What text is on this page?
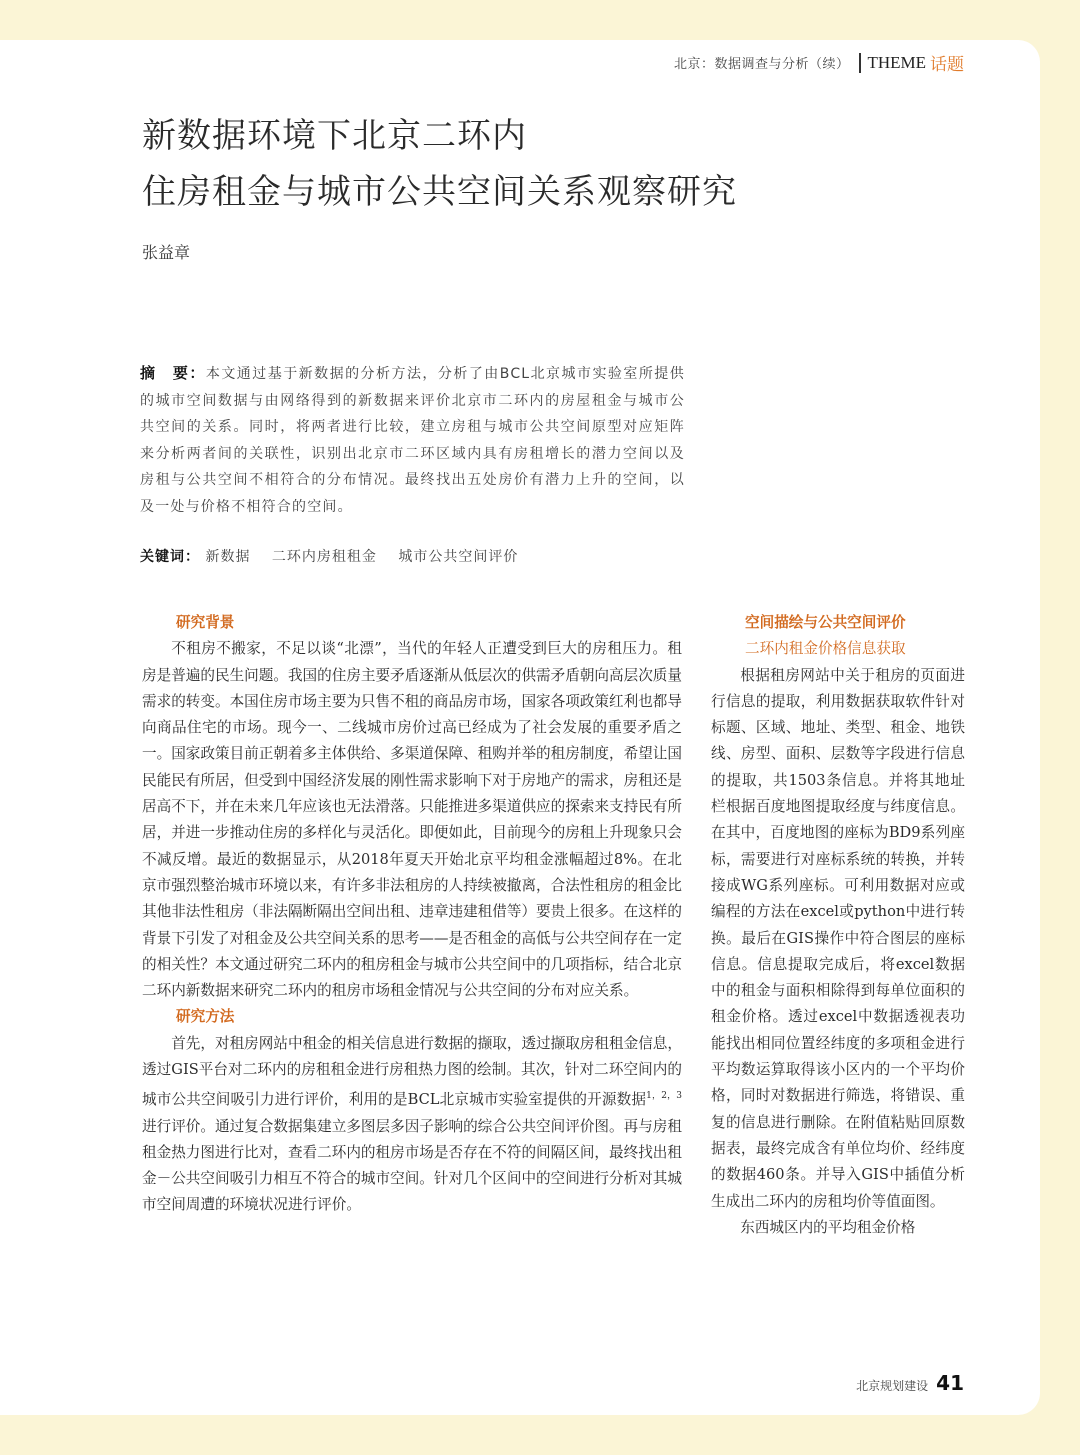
北京：数据调查与分析（续） THEME 话题
新数据环境下北京二环内
住房租金与城市公共空间关系观察研究
张益章
摘　要：本文通过基于新数据的分析方法，分析了由BCL北京城市实验室所提供的城市空间数据与由网络得到的新数据来评价北京市二环内的房屋租金与城市公共空间的关系。同时，将两者进行比较，建立房租与城市公共空间原型对应矩阵来分析两者间的关联性，识别出北京市二环区域内具有房租增长的潜力空间以及房租与公共空间不相符合的分布情况。最终找出五处房价有潜力上升的空间，以及一处与价格不相符合的空间。
关键词： 新数据 二环内房租租金 城市公共空间评价
研究背景

不租房不搬家，不足以谈“北漂”，当代的年轻人正遭受到巨大的房租压力。租房是普遍的民生问题。我国的住房主要矛盾逐渐从低层次的供需矛盾朝向高层次质量需求的转变。本国住房市场主要为只售不租的商品房市场，国家各项政策红利也都导向商品住宅的市场。现今一、二线城市房价过高已经成为了社会发展的重要矛盾之一。国家政策目前正朝着多主体供给、多渠道保障、租购并举的租房制度，希望让国民能民有所居，但受到中国经济发展的刚性需求影响下对于房地产的需求，房租还是居高不下，并在未来几年应该也无法滑落。只能推进多渠道供应的探索来支持民有所居，并进一步推动住房的多样化与灵活化。即便如此，目前现今的房租上升现象只会不减反增。最近的数据显示，从2018年夏天开始北京平均租金涨幅超过8%。在北京市强烈整治城市环境以来，有许多非法租房的人持续被撤离，合法性租房的租金比其他非法性租房（非法隔断隔出空间出租、违章违建租借等）要贵上很多。在这样的背景下引发了对租金及公共空间关系的思考——是否租金的高低与公共空间存在一定的相关性？本文通过研究二环内的租房租金与城市公共空间中的几项指标，结合北京二环内新数据来研究二环内的租房市场租金情况与公共空间的分布对应关系。

研究方法

首先，对租房网站中租金的相关信息进行数据的撷取，透过撷取房租租金信息，透过GIS平台对二环内的房租租金进行房租热力图的绘制。其次，针对二环空间内的城市公共空间吸引力进行评价，利用的是BCL北京城市实验室提供的开源数据$^{1,2,3}$进行评价。通过复合数据集建立多图层多因子影响的综合公共空间评价图。再与房租租金热力图进行比对，查看二环内的租房市场是否存在不符的间隔区间，最终找出租金－公共空间吸引力相互不符合的城市空间。针对几个区间中的空间进行分析对其城市空间周遭的环境状况进行评价。

空间描绘与公共空间评价
二环内租金价格信息获取

根据租房网站中关于租房的页面进行信息的提取，利用数据获取软件针对标题、区域、地址、类型、租金、地铁线、房型、面积、层数等字段进行信息的提取，共1503条信息。并将其地址栏根据百度地图提取经度与纬度信息。在其中，百度地图的座标为BD9系列座标，需要进行对座标系统的转换，并转接成WG系列座标。可利用数据对应或编程的方法在excel或python中进行转换。最后在GIS操作中符合图层的座标信息。信息提取完成后，将excel数据中的租金与面积相除得到每单位面积的租金价格。透过excel中数据透视表功能找出相同位置经纬度的多项租金进行平均数运算取得该小区内的一个平均价格，同时对数据进行筛选，将错误、重复的信息进行删除。在附值粘贴回原数据表，最终完成含有单位均价、经纬度的数据460条。并导入GIS中插值分析生成出二环内的房租均价等值面图。

东西城区内的平均租金价格

北京规划建设 41
